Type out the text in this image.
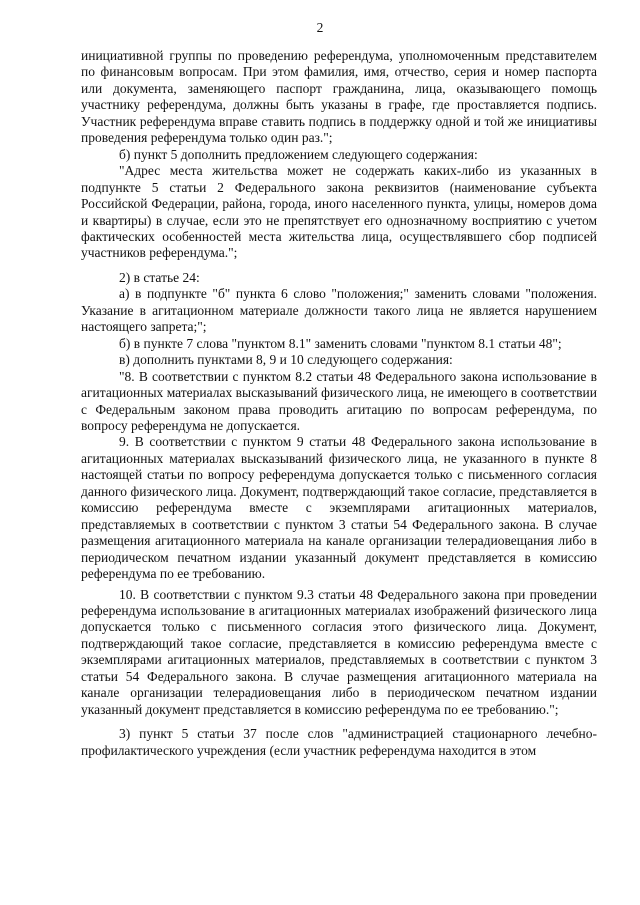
2

инициативной группы по проведению референдума, уполномоченным представителем по финансовым вопросам. При этом фамилия, имя, отчество, серия и номер паспорта или документа, заменяющего паспорт гражданина, лица, оказывающего помощь участнику референдума, должны быть указаны в графе, где проставляется подпись. Участник референдума вправе ставить подпись в поддержку одной и той же инициативы проведения референдума только один раз.";

б) пункт 5 дополнить предложением следующего содержания:

"Адрес места жительства может не содержать каких-либо из указанных в подпункте 5 статьи 2 Федерального закона реквизитов (наименование субъекта Российской Федерации, района, города, иного населенного пункта, улицы, номеров дома и квартиры) в случае, если это не препятствует его однозначному восприятию с учетом фактических особенностей места жительства лица, осуществлявшего сбор подписей участников референдума.";

2) в статье 24:

а) в подпункте "б" пункта 6 слово "положения;" заменить словами "положения. Указание в агитационном материале должности такого лица не является нарушением настоящего запрета;";

б) в пункте 7 слова "пунктом 8.1" заменить словами "пунктом 8.1 статьи 48";

в) дополнить пунктами 8, 9 и 10 следующего содержания:

"8. В соответствии с пунктом 8.2 статьи 48 Федерального закона использование в агитационных материалах высказываний физического лица, не имеющего в соответствии с Федеральным законом права проводить агитацию по вопросам референдума, по вопросу референдума не допускается.

9. В соответствии с пунктом 9 статьи 48 Федерального закона использование в агитационных материалах высказываний физического лица, не указанного в пункте 8 настоящей статьи по вопросу референдума допускается только с письменного согласия данного физического лица. Документ, подтверждающий такое согласие, представляется в комиссию референдума вместе с экземплярами агитационных материалов, представляемых в соответствии с пунктом 3 статьи 54 Федерального закона. В случае размещения агитационного материала на канале организации телерадиовещания либо в периодическом печатном издании указанный документ представляется в комиссию референдума по ее требованию.

10. В соответствии с пунктом 9.3 статьи 48 Федерального закона при проведении референдума использование в агитационных материалах изображений физического лица допускается только с письменного согласия этого физического лица. Документ, подтверждающий такое согласие, представляется в комиссию референдума вместе с экземплярами агитационных материалов, представляемых в соответствии с пунктом 3 статьи 54 Федерального закона. В случае размещения агитационного материала на канале организации телерадиовещания либо в периодическом печатном издании указанный документ представляется в комиссию референдума по ее требованию.";

3) пункт 5 статьи 37 после слов "администрацией стационарного лечебно-профилактического учреждения (если участник референдума находится в этом
